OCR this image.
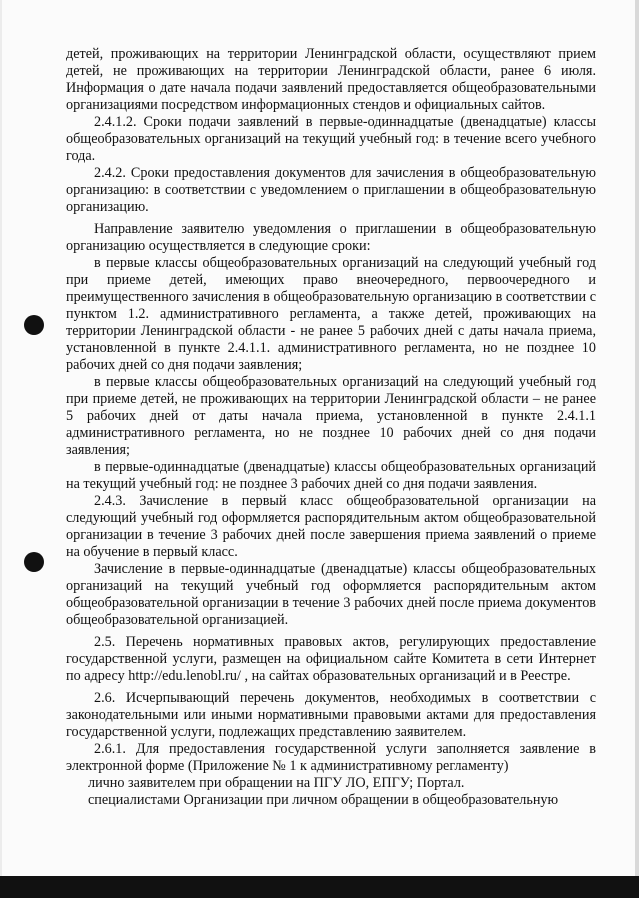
детей, проживающих на территории Ленинградской области, осуществляют прием детей, не проживающих на территории Ленинградской области, ранее 6 июля. Информация о дате начала подачи заявлений предоставляется общеобразовательными организациями посредством информационных стендов и официальных сайтов.

2.4.1.2. Сроки подачи заявлений в первые-одиннадцатые (двенадцатые) классы общеобразовательных организаций на текущий учебный год: в течение всего учебного года.

2.4.2. Сроки предоставления документов для зачисления в общеобразовательную организацию: в соответствии с уведомлением о приглашении в общеобразовательную организацию.

Направление заявителю уведомления о приглашении в общеобразовательную организацию осуществляется в следующие сроки:

в первые классы общеобразовательных организаций на следующий учебный год при приеме детей, имеющих право внеочередного, первоочередного и преимущественного зачисления в общеобразовательную организацию в соответствии с пунктом 1.2. административного регламента, а также детей, проживающих на территории Ленинградской области - не ранее 5 рабочих дней с даты начала приема, установленной в пункте 2.4.1.1. административного регламента, но не позднее 10 рабочих дней со дня подачи заявления;

в первые классы общеобразовательных организаций на следующий учебный год при приеме детей, не проживающих на территории Ленинградской области – не ранее 5 рабочих дней от даты начала приема, установленной в пункте 2.4.1.1 административного регламента, но не позднее 10 рабочих дней со дня подачи заявления;

в первые-одиннадцатые (двенадцатые) классы общеобразовательных организаций на текущий учебный год: не позднее 3 рабочих дней со дня подачи заявления.

2.4.3. Зачисление в первый класс общеобразовательной организации на следующий учебный год оформляется распорядительным актом общеобразовательной организации в течение 3 рабочих дней после завершения приема заявлений о приеме на обучение в первый класс.

Зачисление в первые-одиннадцатые (двенадцатые) классы общеобразовательных организаций на текущий учебный год оформляется распорядительным актом общеобразовательной организации в течение 3 рабочих дней после приема документов общеобразовательной организацией.

2.5. Перечень нормативных правовых актов, регулирующих предоставление государственной услуги, размещен на официальном сайте Комитета в сети Интернет по адресу http://edu.lenobl.ru/ , на сайтах образовательных организаций и в Реестре.

2.6. Исчерпывающий перечень документов, необходимых в соответствии с законодательными или иными нормативными правовыми актами для предоставления государственной услуги, подлежащих представлению заявителем.

2.6.1. Для предоставления государственной услуги заполняется заявление в электронной форме (Приложение № 1 к административному регламенту)

лично заявителем при обращении на ПГУ ЛО, ЕПГУ; Портал.

специалистами Организации при личном обращении в общеобразовательную
